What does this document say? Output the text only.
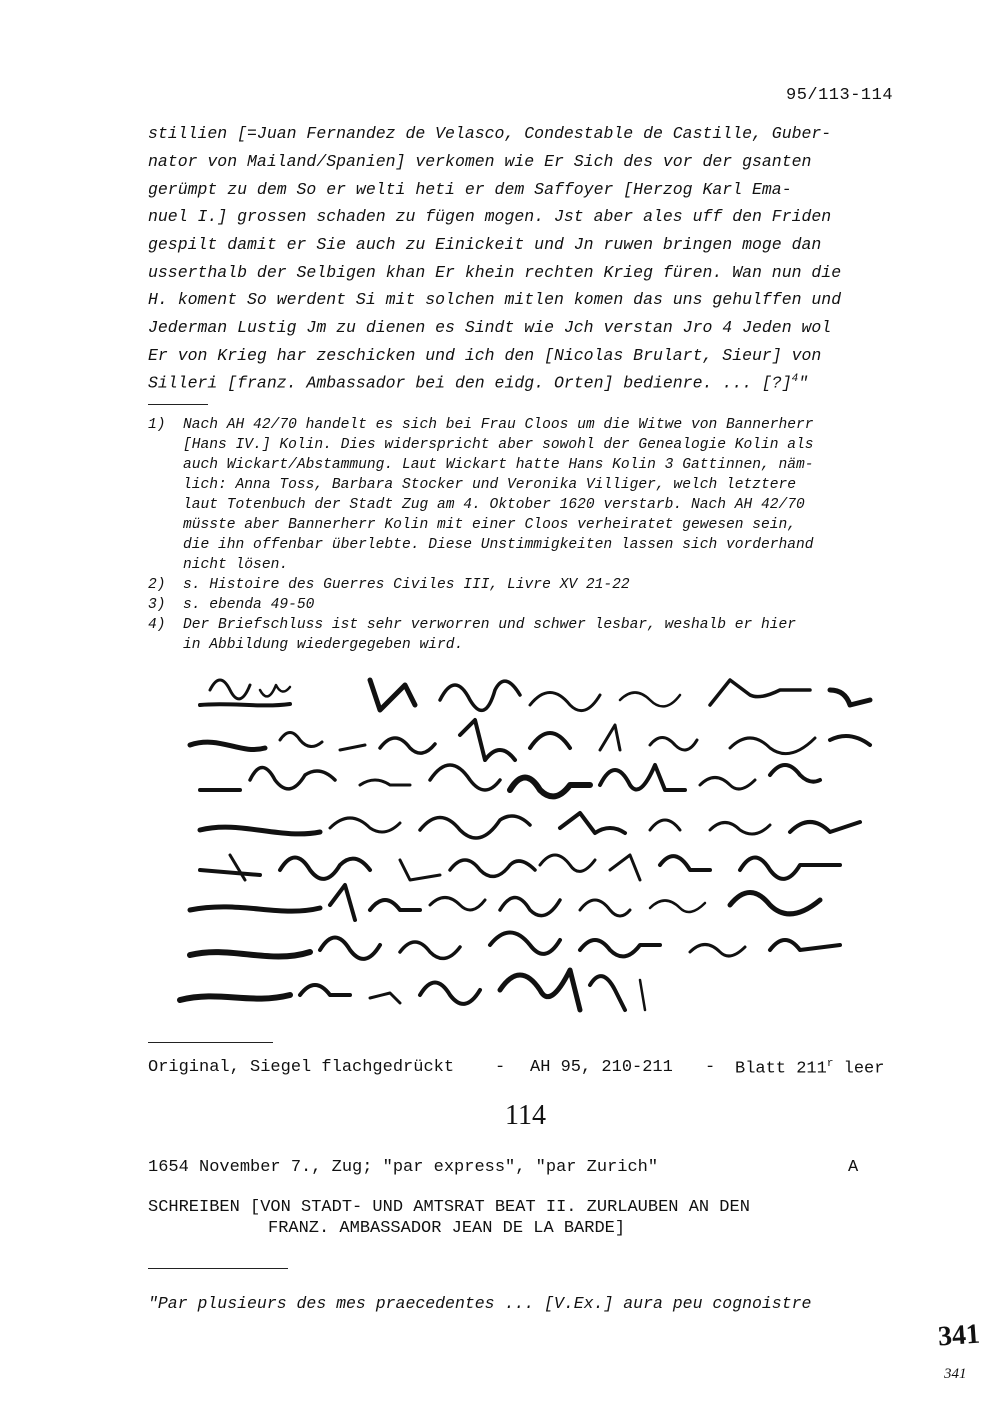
95/113-114
stillien [=Juan Fernandez de Velasco, Condestable de Castille, Guber-
nator von Mailand/Spanien] verkomen wie Er Sich des vor der gsanten
gerümpt zu dem So er welti heti er dem Saffoyer [Herzog Karl Ema-
nuel I.] grossen schaden zu fügen mogen. Jst aber ales uff den Friden
gespilt damit er Sie auch zu Einickeit und Jn ruwen bringen moge dan
usserthalb der Selbigen khan Er khein rechten Krieg füren. Wan nun die
H. koment So werdent Si mit solchen mitlen komen das uns gehulffen und
Jederman Lustig Jm zu dienen es Sindt wie Jch verstan Jro 4 Jeden wol
Er von Krieg har zeschicken und ich den [Nicolas Brulart, Sieur] von
Silleri [franz. Ambassador bei den eidg. Orten] bedienre. ... [?]$^4$"
1) Nach AH 42/70 handelt es sich bei Frau Cloos um die Witwe von Bannerherr
[Hans IV.] Kolin. Dies widerspricht aber sowohl der Genealogie Kolin als
auch Wickart/Abstammung. Laut Wickart hatte Hans Kolin 3 Gattinnen, näm-
lich: Anna Toss, Barbara Stocker und Veronika Villiger, welch letztere
laut Totenbuch der Stadt Zug am 4. Oktober 1620 verstarb. Nach AH 42/70
müsste aber Bannerherr Kolin mit einer Cloos verheiratet gewesen sein,
die ihn offenbar überlebte. Diese Unstimmigkeiten lassen sich vorderhand
nicht lösen.
2) s. Histoire des Guerres Civiles III, Livre XV 21-22
3) s. ebenda 49-50
4) Der Briefschluss ist sehr verworren und schwer lesbar, weshalb er hier
in Abbildung wiedergegeben wird.
Original, Siegel flachgedrückt - AH 95, 210-211 - Blatt 211$^r$ leer
114
1654 November 7., Zug; "par express", "par Zurich"	A
SCHREIBEN [VON STADT- UND AMTSRAT BEAT II. ZURLAUBEN AN DEN
FRANZ. AMBASSADOR JEAN DE LA BARDE]
"Par plusieurs des mes praecedentes ... [V.Ex.] aura peu cognoistre
341
341
